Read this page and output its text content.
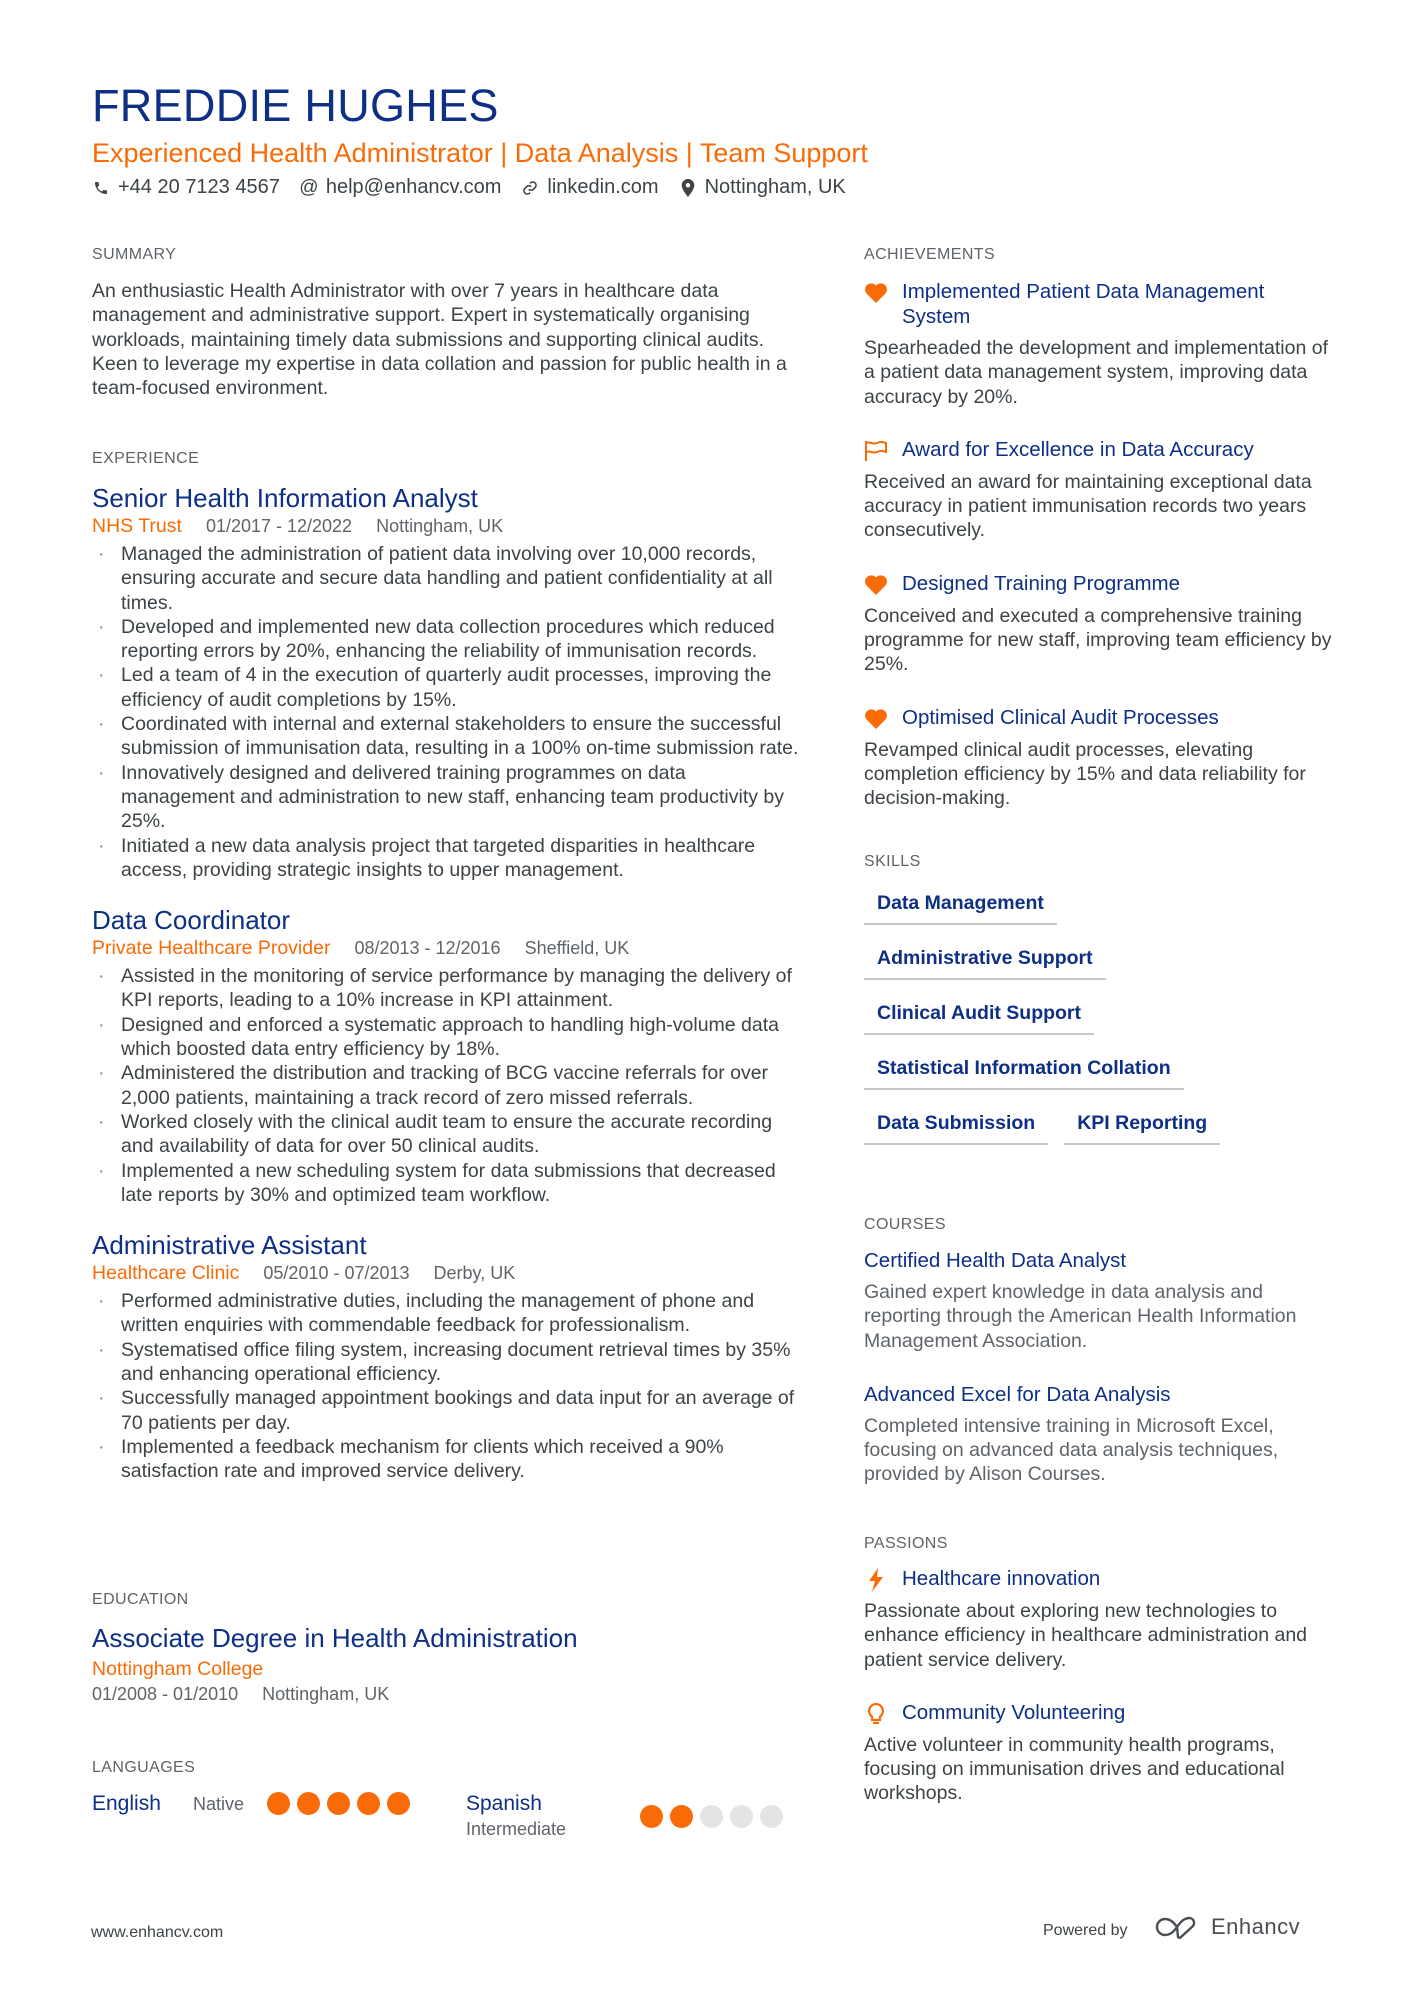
FREDDIE HUGHES
Experienced Health Administrator | Data Analysis | Team Support
+44 20 7123 4567 @ help@enhancv.com linkedin.com Nottingham, UK
SUMMARY
An enthusiastic Health Administrator with over 7 years in healthcare data management and administrative support. Expert in systematically organising workloads, maintaining timely data submissions and supporting clinical audits. Keen to leverage my expertise in data collation and passion for public health in a team-focused environment.
EXPERIENCE
Senior Health Information Analyst
NHS Trust 01/2017 - 12/2022 Nottingham, UK
· Managed the administration of patient data involving over 10,000 records, ensuring accurate and secure data handling and patient confidentiality at all times.
· Developed and implemented new data collection procedures which reduced reporting errors by 20%, enhancing the reliability of immunisation records.
· Led a team of 4 in the execution of quarterly audit processes, improving the efficiency of audit completions by 15%.
· Coordinated with internal and external stakeholders to ensure the successful submission of immunisation data, resulting in a 100% on-time submission rate.
· Innovatively designed and delivered training programmes on data management and administration to new staff, enhancing team productivity by 25%.
· Initiated a new data analysis project that targeted disparities in healthcare access, providing strategic insights to upper management.
Data Coordinator
Private Healthcare Provider 08/2013 - 12/2016 Sheffield, UK
· Assisted in the monitoring of service performance by managing the delivery of KPI reports, leading to a 10% increase in KPI attainment.
· Designed and enforced a systematic approach to handling high-volume data which boosted data entry efficiency by 18%.
· Administered the distribution and tracking of BCG vaccine referrals for over 2,000 patients, maintaining a track record of zero missed referrals.
· Worked closely with the clinical audit team to ensure the accurate recording and availability of data for over 50 clinical audits.
· Implemented a new scheduling system for data submissions that decreased late reports by 30% and optimized team workflow.
Administrative Assistant
Healthcare Clinic 05/2010 - 07/2013 Derby, UK
· Performed administrative duties, including the management of phone and written enquiries with commendable feedback for professionalism.
· Systematised office filing system, increasing document retrieval times by 35% and enhancing operational efficiency.
· Successfully managed appointment bookings and data input for an average of 70 patients per day.
· Implemented a feedback mechanism for clients which received a 90% satisfaction rate and improved service delivery.
EDUCATION
Associate Degree in Health Administration
Nottingham College
01/2008 - 01/2010 Nottingham, UK
LANGUAGES
English Native	Spanish
Intermediate
ACHIEVEMENTS
Implemented Patient Data Management System
Spearheaded the development and implementation of a patient data management system, improving data accuracy by 20%.
Award for Excellence in Data Accuracy
Received an award for maintaining exceptional data accuracy in patient immunisation records two years consecutively.
Designed Training Programme
Conceived and executed a comprehensive training programme for new staff, improving team efficiency by 25%.
Optimised Clinical Audit Processes
Revamped clinical audit processes, elevating completion efficiency by 15% and data reliability for decision-making.
SKILLS
Data Management
Administrative Support
Clinical Audit Support
Statistical Information Collation
Data Submission	KPI Reporting
COURSES
Certified Health Data Analyst
Gained expert knowledge in data analysis and reporting through the American Health Information Management Association.
Advanced Excel for Data Analysis
Completed intensive training in Microsoft Excel, focusing on advanced data analysis techniques, provided by Alison Courses.
PASSIONS
Healthcare innovation
Passionate about exploring new technologies to enhance efficiency in healthcare administration and patient service delivery.
Community Volunteering
Active volunteer in community health programs, focusing on immunisation drives and educational workshops.
www.enhancv.com	Powered by	Enhancv
